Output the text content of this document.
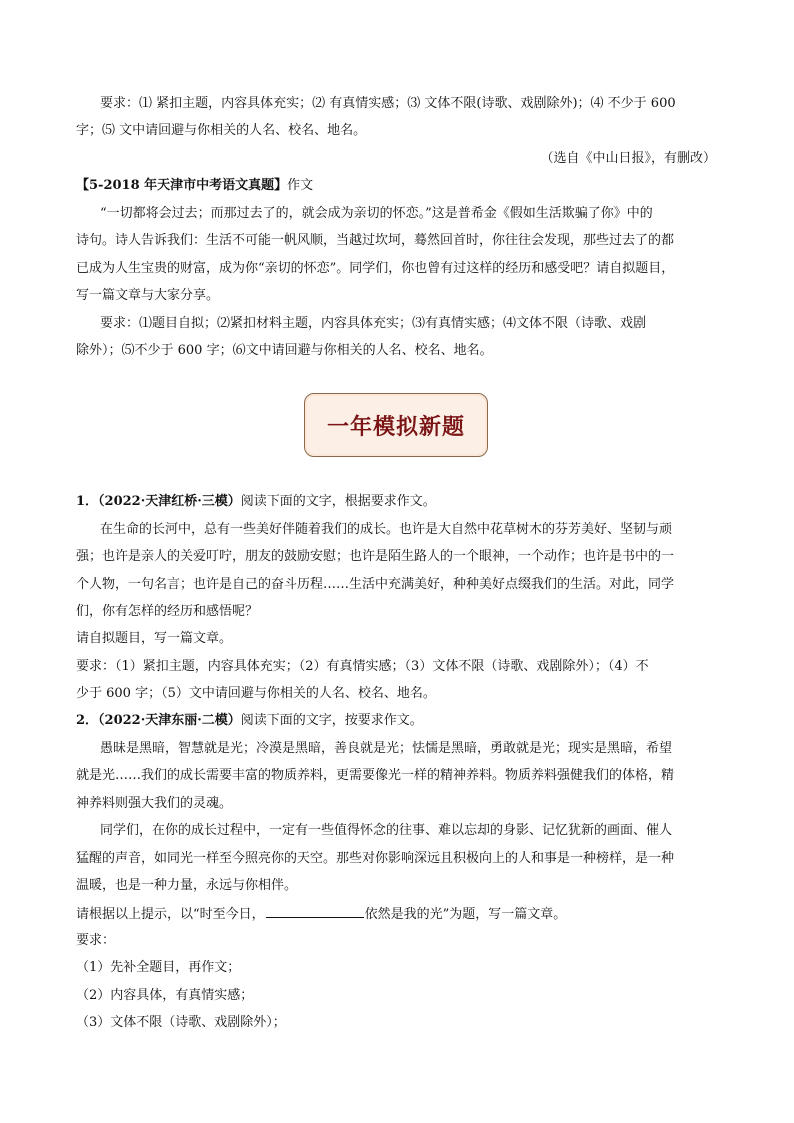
要求：⑴ 紧扣主题，内容具体充实；⑵ 有真情实感；⑶ 文体不限(诗歌、戏剧除外)；⑷ 不少于 600
字；⑸ 文中请回避与你相关的人名、校名、地名。
（选自《中山日报》，有删改）
【5-2018 年天津市中考语文真题】作文
“一切都将会过去；而那过去了的，就会成为亲切的怀恋。”这是普希金《假如生活欺骗了你》中的
诗句。诗人告诉我们：生活不可能一帆风顺，当越过坎坷，蓦然回首时，你往往会发现，那些过去了的都
已成为人生宝贵的财富，成为你“亲切的怀恋”。同学们，你也曾有过这样的经历和感受吧？请自拟题目，
写一篇文章与大家分享。
要求：⑴题目自拟；⑵紧扣材料主题，内容具体充实；⑶有真情实感；⑷文体不限（诗歌、戏剧
除外）；⑸不少于 600 字；⑹文中请回避与你相关的人名、校名、地名。
一年模拟新题
1．（2022·天津红桥·三模）阅读下面的文字，根据要求作文。
在生命的长河中，总有一些美好伴随着我们的成长。也许是大自然中花草树木的芬芳美好、坚韧与顽
强；也许是亲人的关爱叮咛，朋友的鼓励安慰；也许是陌生路人的一个眼神，一个动作；也许是书中的一
个人物，一句名言；也许是自己的奋斗历程……生活中充满美好，种种美好点缀我们的生活。对此，同学
们，你有怎样的经历和感悟呢？
请自拟题目，写一篇文章。
要求：（1）紧扣主题，内容具体充实；（2）有真情实感；（3）文体不限（诗歌、戏剧除外）；（4）不
少于 600 字；（5）文中请回避与你相关的人名、校名、地名。
2．（2022·天津东丽·二模）阅读下面的文字，按要求作文。
愚昧是黑暗，智慧就是光；冷漠是黑暗，善良就是光；怯懦是黑暗，勇敢就是光；现实是黑暗，希望
就是光……我们的成长需要丰富的物质养料，更需要像光一样的精神养料。物质养料强健我们的体格，精
神养料则强大我们的灵魂。
同学们，在你的成长过程中，一定有一些值得怀念的往事、难以忘却的身影、记忆犹新的画面、催人
猛醒的声音，如同光一样至今照亮你的天空。那些对你影响深远且积极向上的人和事是一种榜样，是一种
温暖，也是一种力量，永远与你相伴。
请根据以上提示，以“时至今日，	依然是我的光”为题，写一篇文章。
要求：
（1）先补全题目，再作文；
（2）内容具体，有真情实感；
（3）文体不限（诗歌、戏剧除外）；
